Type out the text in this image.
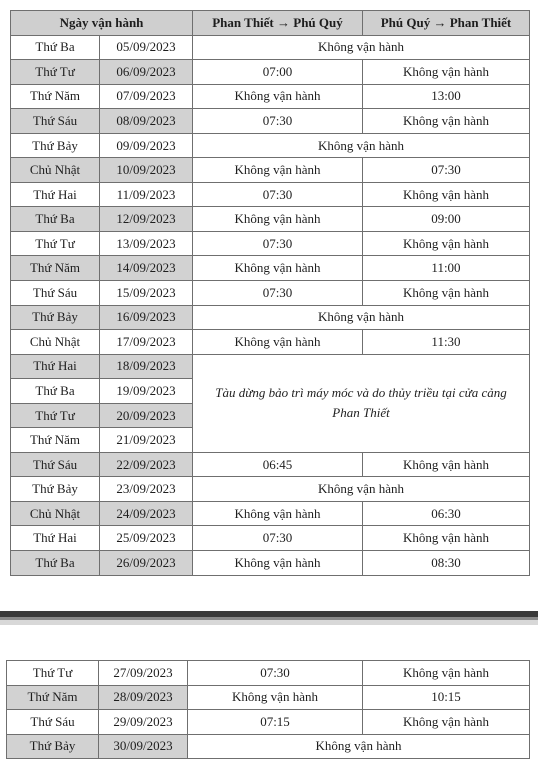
Ngày vận hành		Phan Thiết → Phú Quý	Phú Quý → Phan Thiết
Thứ Ba	05/09/2023	Không vận hành	
Thứ Tư	06/09/2023	07:00	Không vận hành
Thứ Năm	07/09/2023	Không vận hành	13:00
Thứ Sáu	08/09/2023	07:30	Không vận hành
Thứ Bảy	09/09/2023	Không vận hành	
Chủ Nhật	10/09/2023	Không vận hành	07:30
Thứ Hai	11/09/2023	07:30	Không vận hành
Thứ Ba	12/09/2023	Không vận hành	09:00
Thứ Tư	13/09/2023	07:30	Không vận hành
Thứ Năm	14/09/2023	Không vận hành	11:00
Thứ Sáu	15/09/2023	07:30	Không vận hành
Thứ Bảy	16/09/2023	Không vận hành	
Chủ Nhật	17/09/2023	Không vận hành	11:30
Thứ Hai	18/09/2023	Tàu dừng bảo trì máy móc và do thủy triều tại cửa cảng Phan Thiết	
Thứ Ba	19/09/2023		
Thứ Tư	20/09/2023		
Thứ Năm	21/09/2023		
Thứ Sáu	22/09/2023	06:45	Không vận hành
Thứ Bảy	23/09/2023	Không vận hành	
Chủ Nhật	24/09/2023	Không vận hành	06:30
Thứ Hai	25/09/2023	07:30	Không vận hành
Thứ Ba	26/09/2023	Không vận hành	08:30
Thứ Tư	27/09/2023	07:30	Không vận hành
Thứ Năm	28/09/2023	Không vận hành	10:15
Thứ Sáu	29/09/2023	07:15	Không vận hành
Thứ Bảy	30/09/2023	Không vận hành	
